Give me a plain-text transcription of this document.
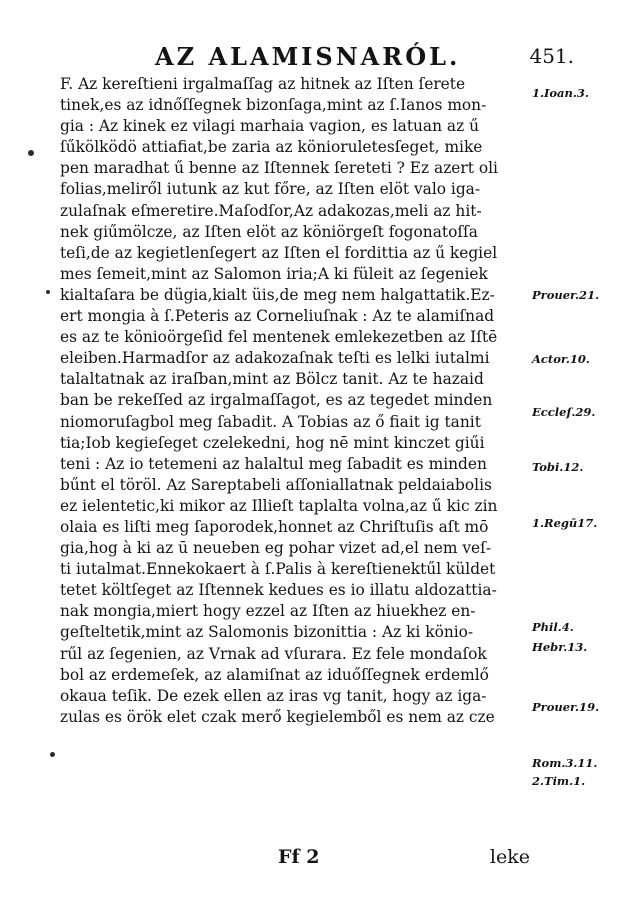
AZ ALAMISNARÓL.	451.
F. Az kereſtieni irgalmaſſag az hitnek az Iſten ſerete
tinek,es az idnőſſegnek bizonſaga,mint az ſ.Ianos mon-
gia : Az kinek ez vilagi marhaia vagion, es latuan az ű
ſűkölködö attiafiat,be zaria az könioruletesſeget, mike
pen maradhat ű benne az Iſtennek ſereteti ? Ez azert oli
folias,meliről iutunk az kut főre, az Iſten elöt valo iga-
zulaſnak eſmeretire.Maſodſor,Az adakozas,meli az hit-
nek giűmölcze, az Iſten elöt az köniörgeſt fogonatoſſa
teſi,de az kegietlenſegert az Iſten el fordittia az ű kegiel
mes ſemeit,mint az Salomon iria;A ki füleit az ſegeniek
kialtaſara be dügia,kialt üis,de meg nem halgattatik.Ez-
ert mongia à ſ.Peteris az Corneliuſnak : Az te alamiſnad
es az te könioörgeſid fel mentenek emlekezetben az Iſtē
eleiben.Harmadſor az adakozaſnak teſti es lelki iutalmi
talaltatnak az iraſban,mint az Bölcz tanit. Az te hazaid
ban be rekeſſed az irgalmaſſagot, es az tegedet minden
niomoruſagbol meg ſabadit. A Tobias az ő fiait ig tanit
tia;Iob kegieſeget czelekedni, hog nē mint kinczet giűi
teni : Az io tetemeni az halaltul meg ſabadit es minden
bűnt el töröl. Az Sareptabeli aſſoniallatnak peldaiabolis
ez ielentetic,ki mikor az Illieſt taplalta volna,az ű kic zin
olaia es liſti meg ſaporodek,honnet az Chriſtuſis aſt mō
gia,hog à ki az ū neueben eg pohar vizet ad,el nem veſ-
ti iutalmat.Ennekokaert à ſ.Palis à kereſtienektűl küldet
tetet költſeget az Iſtennek kedues es io illatu aldozattia-
nak mongia,miert hogy ezzel az Iſten az hiuekhez en-
geſteltetik,mint az Salomonis bizonittia : Az ki könio-
rűl az ſegenien, az Vrnak ad vſurara. Ez fele mondaſok
bol az erdemeſek, az alamiſnat az iduőſſegnek erdemlő
okaua teſik. De ezek ellen az iras vg tanit, hogy az iga-
zulas es örök elet czak merő kegielemből es nem az cze
1.Ioan.3.
Prouer.21.
Actor.10.
Eccleſ.29.
Tobi.12.
1.Regū17.
Phil.4.
Hebr.13.
Prouer.19.
Rom.3.11.
2.Tim.1.
Ff 2	leke
